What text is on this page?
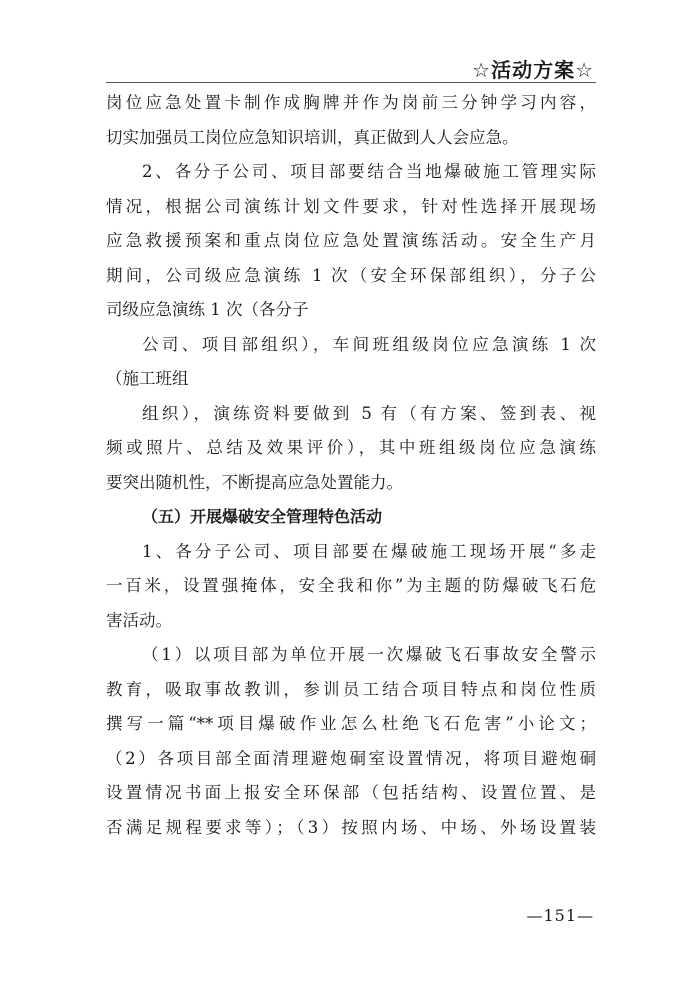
☆活动方案☆
岗位应急处置卡制作成胸牌并作为岗前三分钟学习内容，
切实加强员工岗位应急知识培训，真正做到人人会应急。
2、各分子公司、项目部要结合当地爆破施工管理实际
情况，根据公司演练计划文件要求，针对性选择开展现场
应急救援预案和重点岗位应急处置演练活动。安全生产月
期间，公司级应急演练 1 次（安全环保部组织），分子公
司级应急演练 1 次（各分子
公司、项目部组织），车间班组级岗位应急演练 1 次
（施工班组
组织），演练资料要做到 5 有（有方案、签到表、视
频或照片、总结及效果评价），其中班组级岗位应急演练
要突出随机性，不断提高应急处置能力。
（五）开展爆破安全管理特色活动
1、各分子公司、项目部要在爆破施工现场开展“多走
一百米，设置强掩体，安全我和你”为主题的防爆破飞石危
害活动。
（1）以项目部为单位开展一次爆破飞石事故安全警示
教育，吸取事故教训，参训员工结合项目特点和岗位性质
撰写一篇“**项目爆破作业怎么杜绝飞石危害”小论文；
（2）各项目部全面清理避炮硐室设置情况，将项目避炮硐
设置情况书面上报安全环保部（包括结构、设置位置、是
否满足规程要求等）；（3）按照内场、中场、外场设置装
—151—
